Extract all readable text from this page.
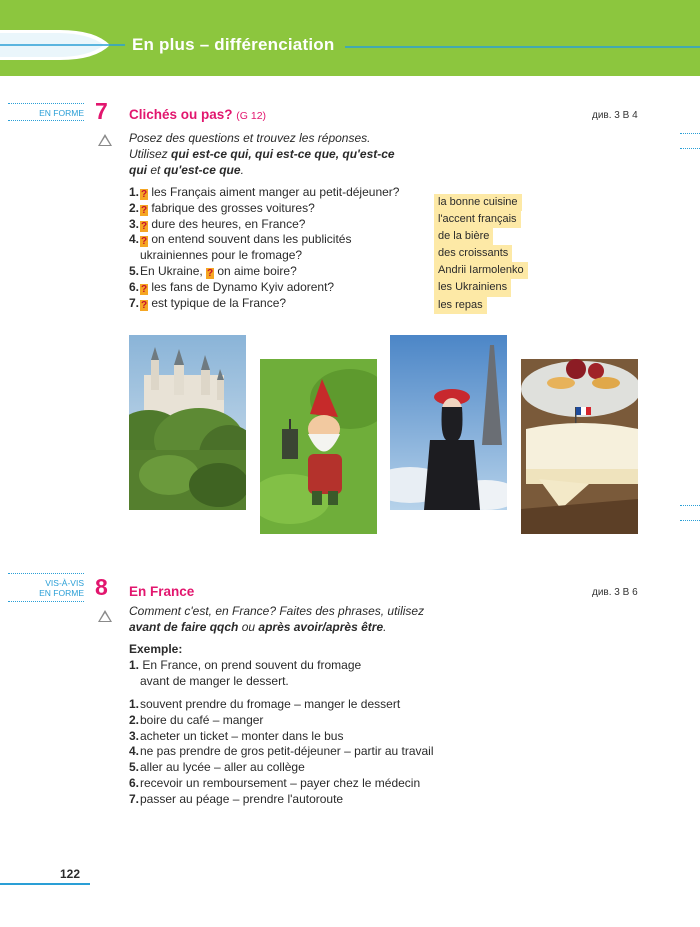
En plus – différenciation
EN FORME 7 Clichés ou pas? (G 12)	див. 3 В 4
Posez des questions et trouvez les réponses.
Utilisez qui est-ce qui, qui est-ce que, qu'est-ce
qui et qu'est-ce que.
1. ? les Français aiment manger au petit-déjeuner?
2. ? fabrique des grosses voitures?
3. ? dure des heures, en France?
4. ? on entend souvent dans les publicités
ukrainiennes pour le fromage?
5. En Ukraine, ? on aime boire?
6. ? les fans de Dynamo Kyiv adorent?
7. ? est typique de la France?
la bonne cuisine
l'accent français
de la bière
des croissants
Andrii Iarmolenko
les Ukrainiens
les repas
VIS-À-VIS
EN FORME 8 En France	див. 3 В 6
Comment c'est, en France? Faites des phrases, utilisez
avant de faire qqch ou après avoir/après être.
Exemple:
1. En France, on prend souvent du fromage
avant de manger le dessert.
1. souvent prendre du fromage – manger le dessert
2. boire du café – manger
3. acheter un ticket – monter dans le bus
4. ne pas prendre de gros petit-déjeuner – partir au travail
5. aller au lycée – aller au collège
6. recevoir un remboursement – payer chez le médecin
7. passer au péage – prendre l'autoroute
122
